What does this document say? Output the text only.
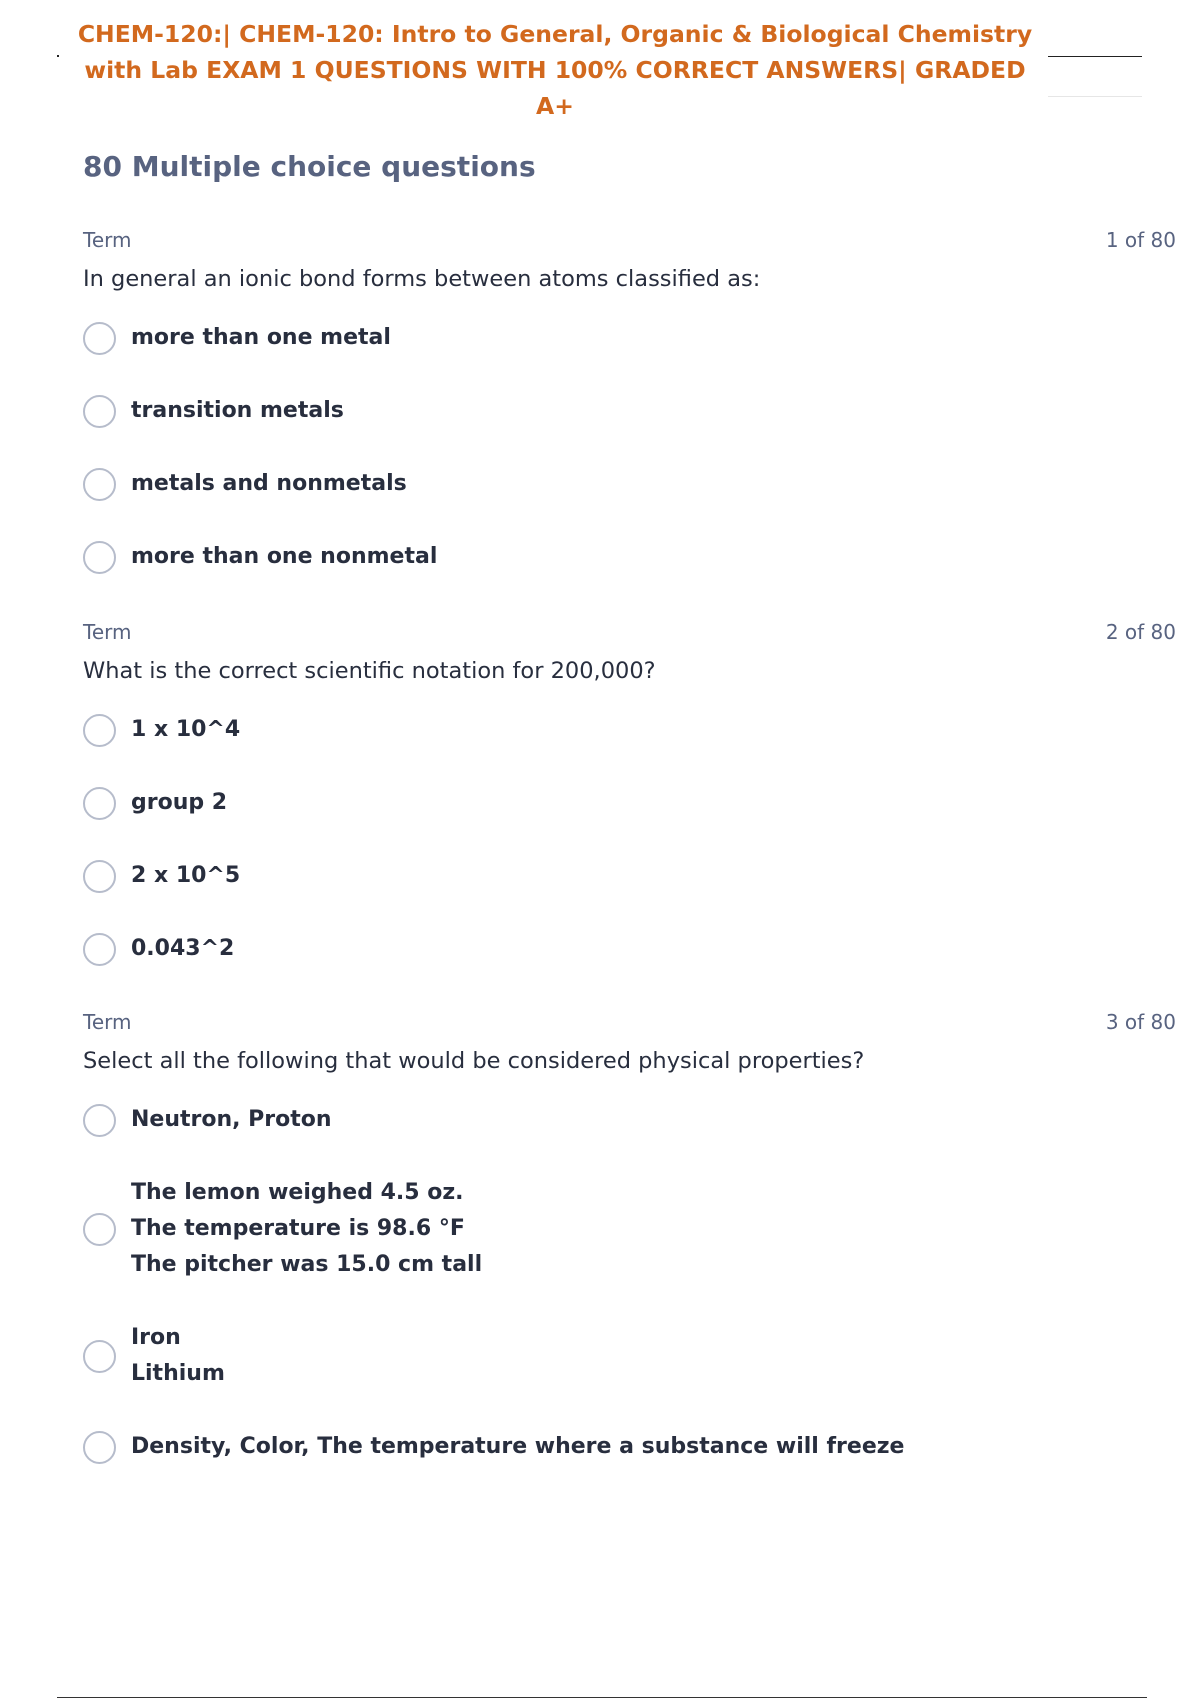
CHEM-120:| CHEM-120: Intro to General, Organic & Biological Chemistry
with Lab EXAM 1 QUESTIONS WITH 100% CORRECT ANSWERS| GRADED
A+
80 Multiple choice questions
Term	1 of 80

In general an ionic bond forms between atoms classified as:

more than one metal
transition metals
metals and nonmetals
more than one nonmetal
Term	2 of 80

What is the correct scientific notation for 200,000?

1 x 10^4
group 2
2 x 10^5
0.043^2
Term	3 of 80

Select all the following that would be considered physical properties?

Neutron, Proton
The lemon weighed 4.5 oz.
The temperature is 98.6 °F
The pitcher was 15.0 cm tall
Iron
Lithium
Density, Color, The temperature where a substance will freeze
